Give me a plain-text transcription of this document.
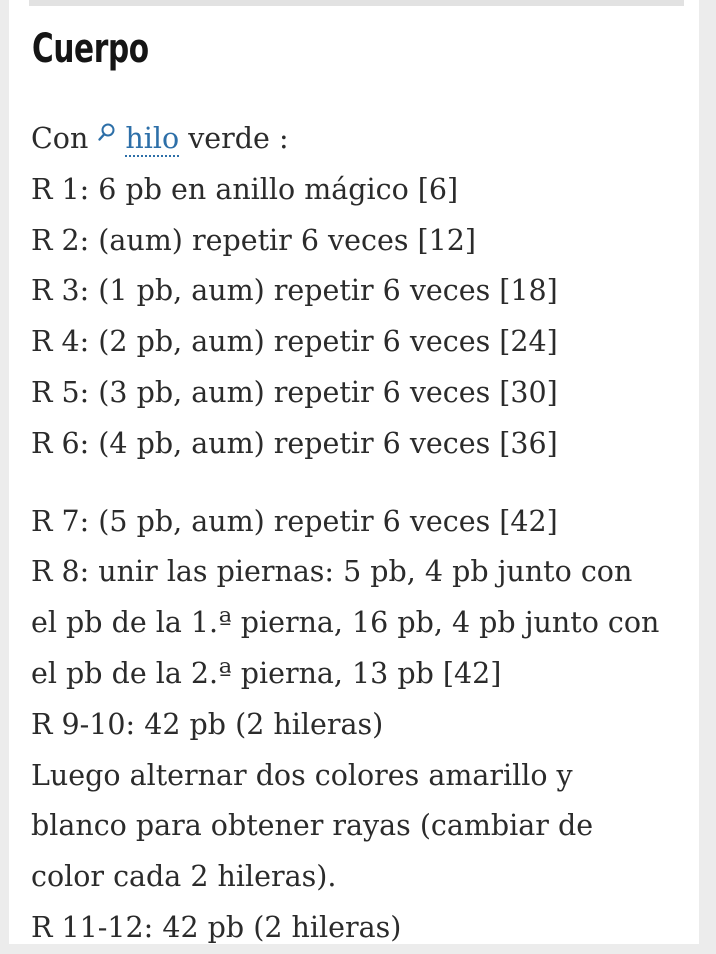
Cuerpo
Con hilo verde :
R 1: 6 pb en anillo mágico [6]
R 2: (aum) repetir 6 veces [12]
R 3: (1 pb, aum) repetir 6 veces [18]
R 4: (2 pb, aum) repetir 6 veces [24]
R 5: (3 pb, aum) repetir 6 veces [30]
R 6: (4 pb, aum) repetir 6 veces [36]
R 7: (5 pb, aum) repetir 6 veces [42]
R 8: unir las piernas: 5 pb, 4 pb junto con
el pb de la 1.ª pierna, 16 pb, 4 pb junto con
el pb de la 2.ª pierna, 13 pb [42]
R 9-10: 42 pb (2 hileras)
Luego alternar dos colores amarillo y
blanco para obtener rayas (cambiar de
color cada 2 hileras).
R 11-12: 42 pb (2 hileras)
